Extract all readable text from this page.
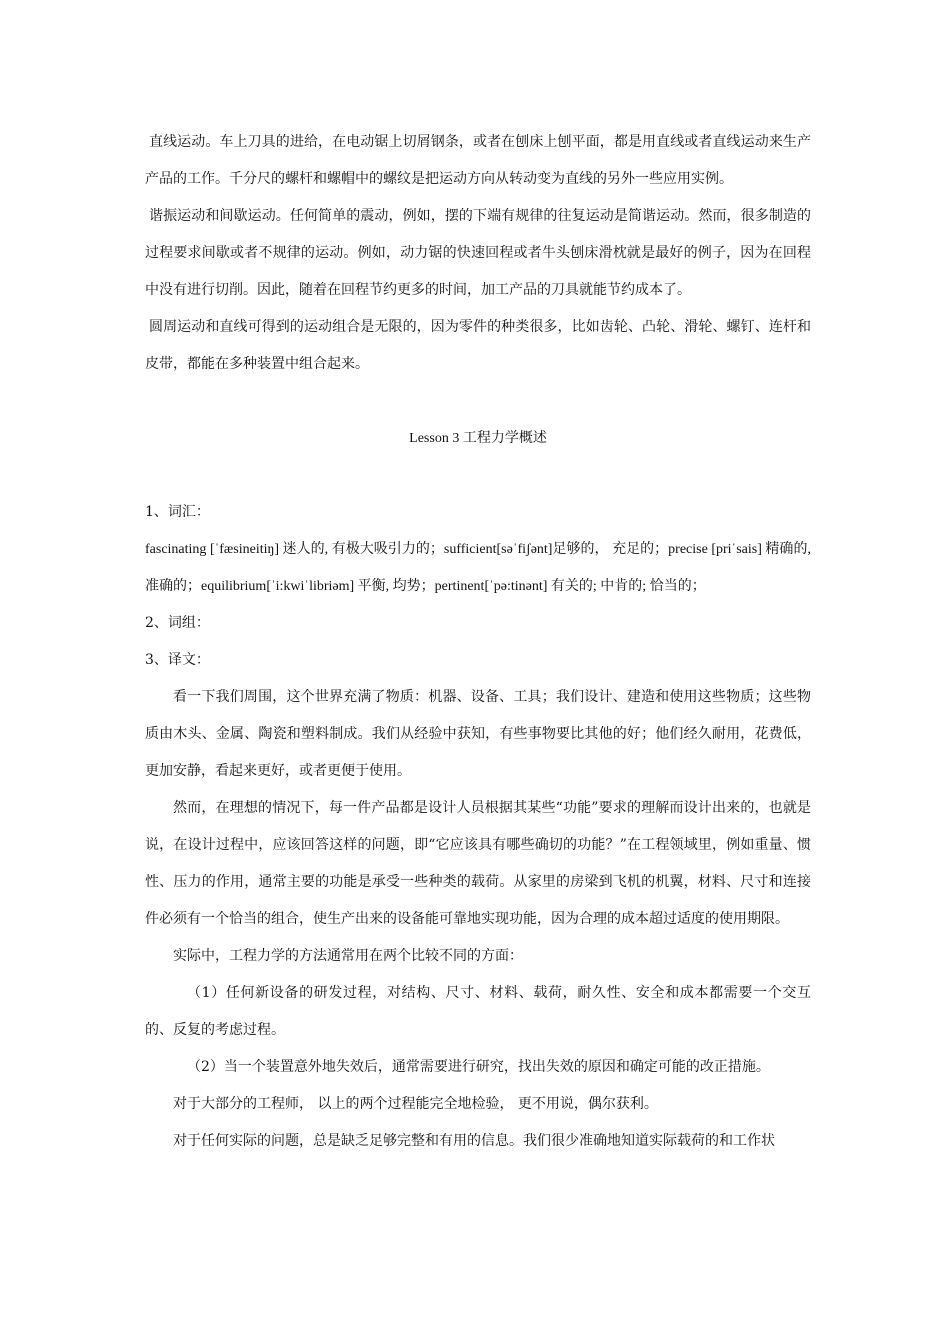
直线运动。车上刀具的进给，在电动锯上切屑钢条，或者在刨床上刨平面，都是用直线或者直线运动来生产产品的工作。千分尺的螺杆和螺帽中的螺纹是把运动方向从转动变为直线的另外一些应用实例。

谐振运动和间歇运动。任何简单的震动，例如，摆的下端有规律的往复运动是简谐运动。然而，很多制造的过程要求间歇或者不规律的运动。例如，动力锯的快速回程或者牛头刨床滑枕就是最好的例子，因为在回程中没有进行切削。因此，随着在回程节约更多的时间，加工产品的刀具就能节约成本了。

圆周运动和直线可得到的运动组合是无限的，因为零件的种类很多，比如齿轮、凸轮、滑轮、螺钉、连杆和皮带，都能在多种装置中组合起来。

Lesson 3 工程力学概述

1、词汇：

fascinating [ˈfæsineitiŋ] 迷人的, 有极大吸引力的；sufficient[səˈfiʃənt]足够的， 充足的；precise [priˈsais] 精确的, 准确的；equilibrium[ˈi:kwiˈlibriəm] 平衡, 均势；pertinent[ˈpə:tinənt] 有关的; 中肯的; 恰当的；

2、词组：

3、译文：

看一下我们周围，这个世界充满了物质：机器、设备、工具；我们设计、建造和使用这些物质；这些物质由木头、金属、陶瓷和塑料制成。我们从经验中获知，有些事物要比其他的好；他们经久耐用，花费低，更加安静，看起来更好，或者更便于使用。

然而，在理想的情况下，每一件产品都是设计人员根据其某些“功能”要求的理解而设计出来的，也就是说，在设计过程中，应该回答这样的问题，即“它应该具有哪些确切的功能？”在工程领域里，例如重量、惯性、压力的作用，通常主要的功能是承受一些种类的载荷。从家里的房梁到飞机的机翼，材料、尺寸和连接件必须有一个恰当的组合，使生产出来的设备能可靠地实现功能，因为合理的成本超过适度的使用期限。

实际中，工程力学的方法通常用在两个比较不同的方面：

（1）任何新设备的研发过程，对结构、尺寸、材料、载荷，耐久性、安全和成本都需要一个交互的、反复的考虑过程。

（2）当一个装置意外地失效后，通常需要进行研究，找出失效的原因和确定可能的改正措施。

对于大部分的工程师， 以上的两个过程能完全地检验， 更不用说，偶尔获利。

对于任何实际的问题，总是缺乏足够完整和有用的信息。我们很少准确地知道实际载荷的和工作状
